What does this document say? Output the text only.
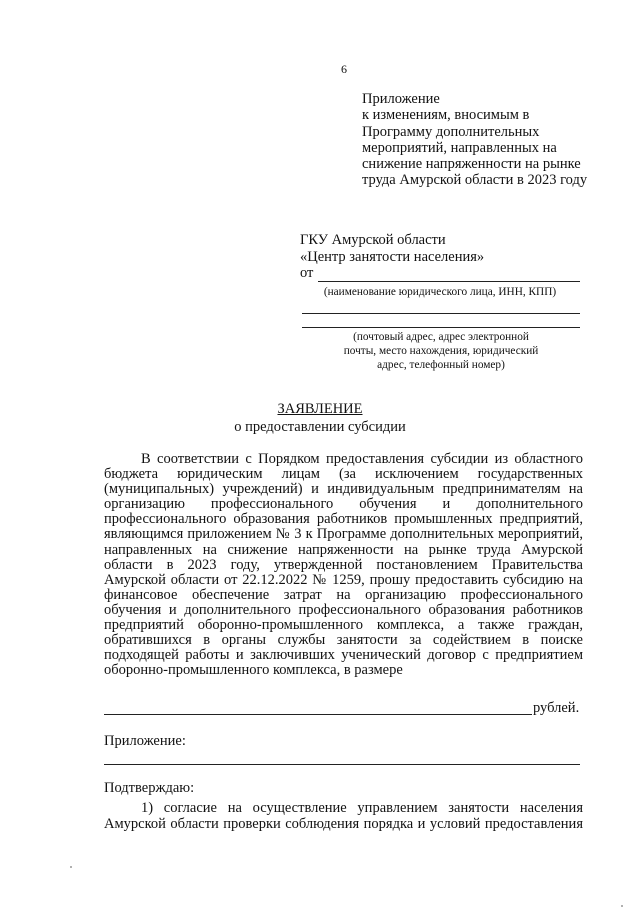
6
Приложение
к изменениям, вносимым в
Программу дополнительных
мероприятий, направленных на
снижение напряженности на рынке
труда Амурской области в 2023 году
ГКУ Амурской области
«Центр занятости населения»
от
(наименование юридического лица, ИНН, КПП)
(почтовый адрес, адрес электронной
почты, место нахождения, юридический
адрес, телефонный номер)
ЗАЯВЛЕНИЕ
о предоставлении субсидии
В соответствии с Порядком предоставления субсидии из областного
бюджета юридическим лицам (за исключением государственных
(муниципальных) учреждений) и индивидуальным предпринимателям на
организацию профессионального обучения и дополнительного
профессионального образования работников промышленных предприятий,
являющимся приложением № 3 к Программе дополнительных мероприятий,
направленных на снижение напряженности на рынке труда Амурской
области в 2023 году, утвержденной постановлением Правительства
Амурской области от 22.12.2022 № 1259, прошу предоставить субсидию на
финансовое обеспечение затрат на организацию профессионального
обучения и дополнительного профессионального образования работников
предприятий оборонно-промышленного комплекса, а также граждан,
обратившихся в органы службы занятости за содействием в поиске
подходящей работы и заключивших ученический договор с предприятием
оборонно-промышленного комплекса, в размере
рублей.
Приложение:
Подтверждаю:
1) согласие на осуществление управлением занятости населения
Амурской области проверки соблюдения порядка и условий предоставления
